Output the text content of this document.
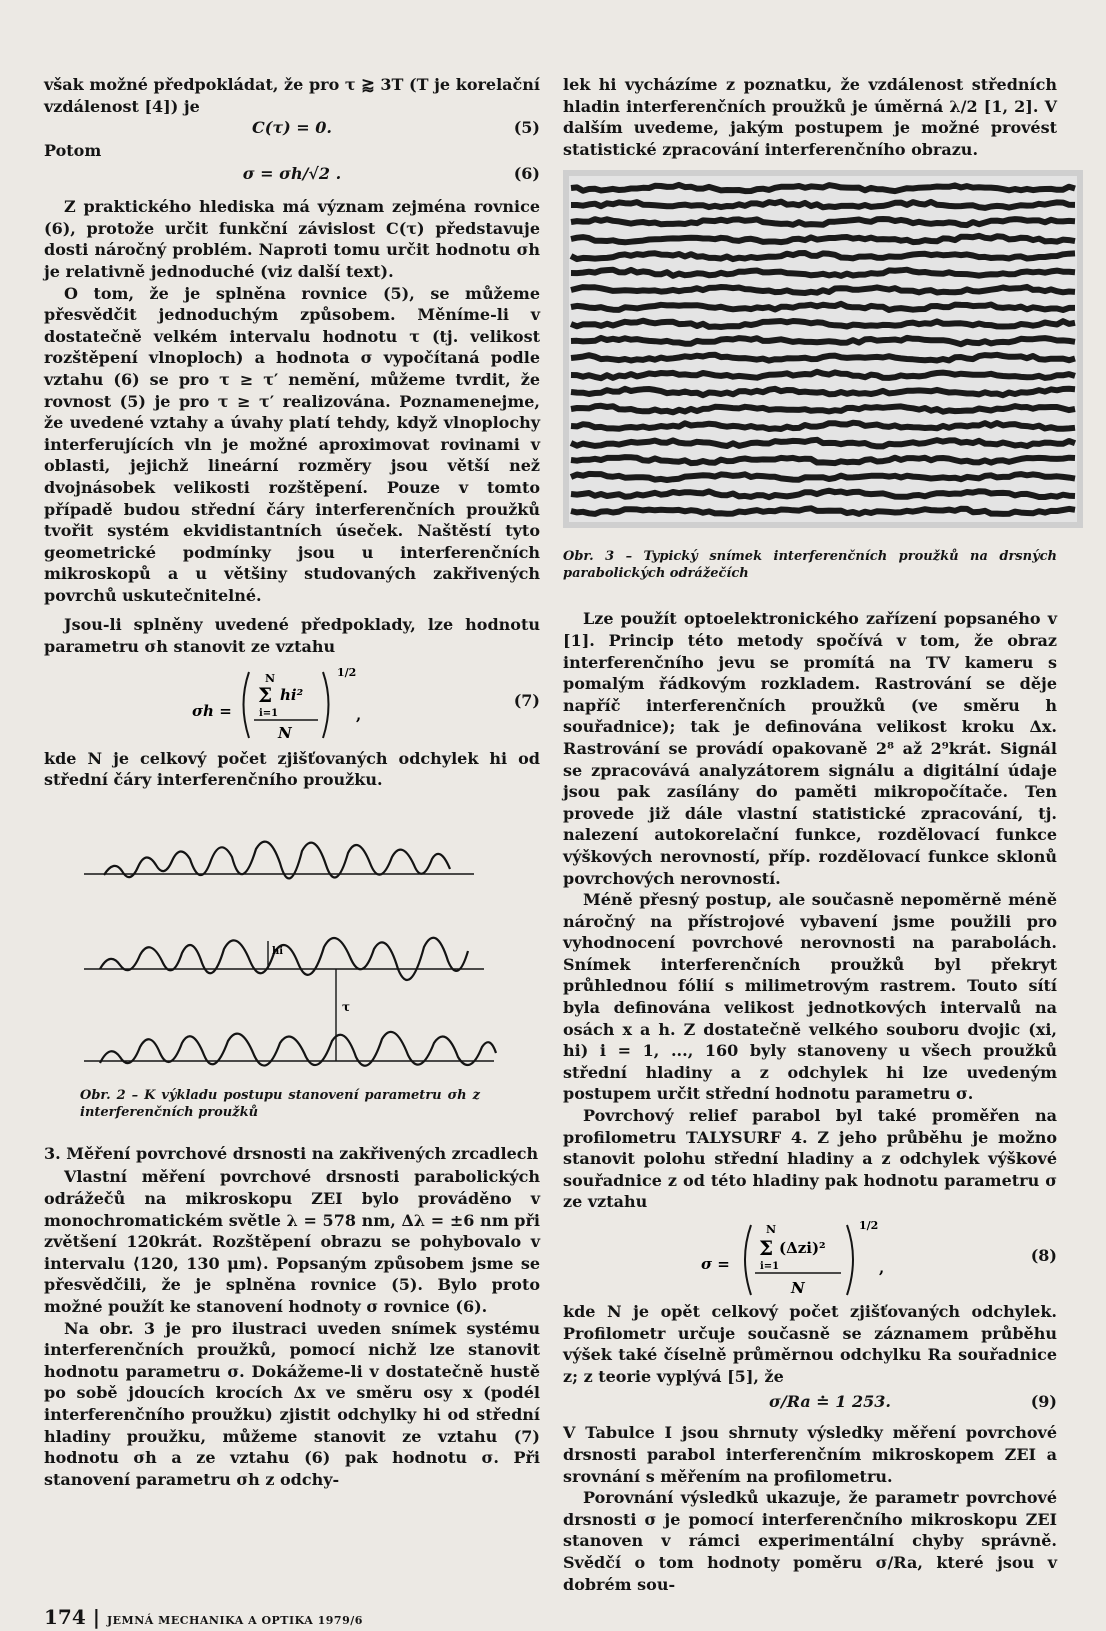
však možné předpokládat, že pro τ ⪆ 3T (T je korelační vzdálenost [4]) je

C(τ) = 0.	(5)
Potom
σ = σh/√2 .	(6)

Z praktického hlediska má význam zejména rovnice (6), protože určit funkční závislost C(τ) představuje dosti náročný problém. Naproti tomu určit hodnotu σh je relativně jednoduché (viz další text).

O tom, že je splněna rovnice (5), se můžeme přesvědčit jednoduchým způsobem. Měníme-li v dostatečně velkém intervalu hodnotu τ (tj. velikost rozštěpení vlnoploch) a hodnota σ vypočítaná podle vztahu (6) se pro τ ≥ τ′ nemění, můžeme tvrdit, že rovnost (5) je pro τ ≥ τ′ realizována. Poznamenejme, že uvedené vztahy a úvahy platí tehdy, když vlnoplochy interferujících vln je možné aproximovat rovinami v oblasti, jejichž lineární rozměry jsou větší než dvojnásobek velikosti rozštěpení. Pouze v tomto případě budou střední čáry interferenčních proužků tvořit systém ekvidistantních úseček. Naštěstí tyto geometrické podmínky jsou u interferenčních mikroskopů a u většiny studovaných zakřivených povrchů uskutečnitelné.

Jsou-li splněny uvedené předpoklady, lze hodnotu parametru σh stanovit ze vztahu

σh =
N
Σ hi²
i=1
N
1/2
,
(7)

kde N je celkový počet zjišťovaných odchylek hi od střední čáry interferenčního proužku.

hi
τ

Obr. 2 – K výkladu postupu stanovení parametru σh z interferenčních proužků

3. Měření povrchové drsnosti na zakřivených zrcadlech

Vlastní měření povrchové drsnosti parabolických odrážečů na mikroskopu ZEI bylo prováděno v monochromatickém světle λ = 578 nm, Δλ = ±6 nm při zvětšení 120krát. Rozštěpení obrazu se pohybovalo v intervalu ⟨120, 130 μm⟩. Popsaným způsobem jsme se přesvědčili, že je splněna rovnice (5). Bylo proto možné použít ke stanovení hodnoty σ rovnice (6).

Na obr. 3 je pro ilustraci uveden snímek systému interferenčních proužků, pomocí nichž lze stanovit hodnotu parametru σ. Dokážeme-li v dostatečně hustě po sobě jdoucích krocích Δx ve směru osy x (podél interferenčního proužku) zjistit odchylky hi od střední hladiny proužku, můžeme stanovit ze vztahu (7) hodnotu σh a ze vztahu (6) pak hodnotu σ. Při stanovení parametru σh z odchy-

lek hi vycházíme z poznatku, že vzdálenost středních hladin interferenčních proužků je úměrná λ/2 [1, 2]. V dalším uvedeme, jakým postupem je možné provést statistické zpracování interferenčního obrazu.

Obr. 3 – Typický snímek interferenčních proužků na drsných parabolických odrážečích

Lze použít optoelektronického zařízení popsaného v [1]. Princip této metody spočívá v tom, že obraz interferenčního jevu se promítá na TV kameru s pomalým řádkovým rozkladem. Rastrování se děje napříč interferenčních proužků (ve směru h souřadnice); tak je definována velikost kroku Δx. Rastrování se provádí opakovaně 2⁸ až 2⁹krát. Signál se zpracovává analyzátorem signálu a digitální údaje jsou pak zasílány do paměti mikropočítače. Ten provede již dále vlastní statistické zpracování, tj. nalezení autokorelační funkce, rozdělovací funkce výškových nerovností, příp. rozdělovací funkce sklonů povrchových nerovností.

Méně přesný postup, ale současně nepoměrně méně náročný na přístrojové vybavení jsme použili pro vyhodnocení povrchové nerovnosti na parabolách. Snímek interferenčních proužků byl překryt průhlednou fólií s milimetrovým rastrem. Touto sítí byla definována velikost jednotkových intervalů na osách x a h. Z dostatečně velkého souboru dvojic (xi, hi) i = 1, ..., 160 byly stanoveny u všech proužků střední hladiny a z odchylek hi lze uvedeným postupem určit střední hodnotu parametru σ.

Povrchový relief parabol byl také proměřen na profilometru TALYSURF 4. Z jeho průběhu je možno stanovit polohu střední hladiny a z odchylek výškové souřadnice z od této hladiny pak hodnotu parametru σ ze vztahu

σ =
N
Σ (Δzi)²
i=1
N
1/2
,
(8)

kde N je opět celkový počet zjišťovaných odchylek. Profilometr určuje současně se záznamem průběhu výšek také číselně průměrnou odchylku Ra souřadnice z; z teorie vyplývá [5], že

σ/Ra ≐ 1 253.	(9)

V Tabulce I jsou shrnuty výsledky měření povrchové drsnosti parabol interferenčním mikroskopem ZEI a srovnání s měřením na profilometru.

Porovnání výsledků ukazuje, že parametr povrchové drsnosti σ je pomocí interferenčního mikroskopu ZEI stanoven v rámci experimentální chyby správně. Svědčí o tom hodnoty poměru σ/Ra, které jsou v dobrém sou-

174 | JEMNÁ MECHANIKA A OPTIKA 1979/6
